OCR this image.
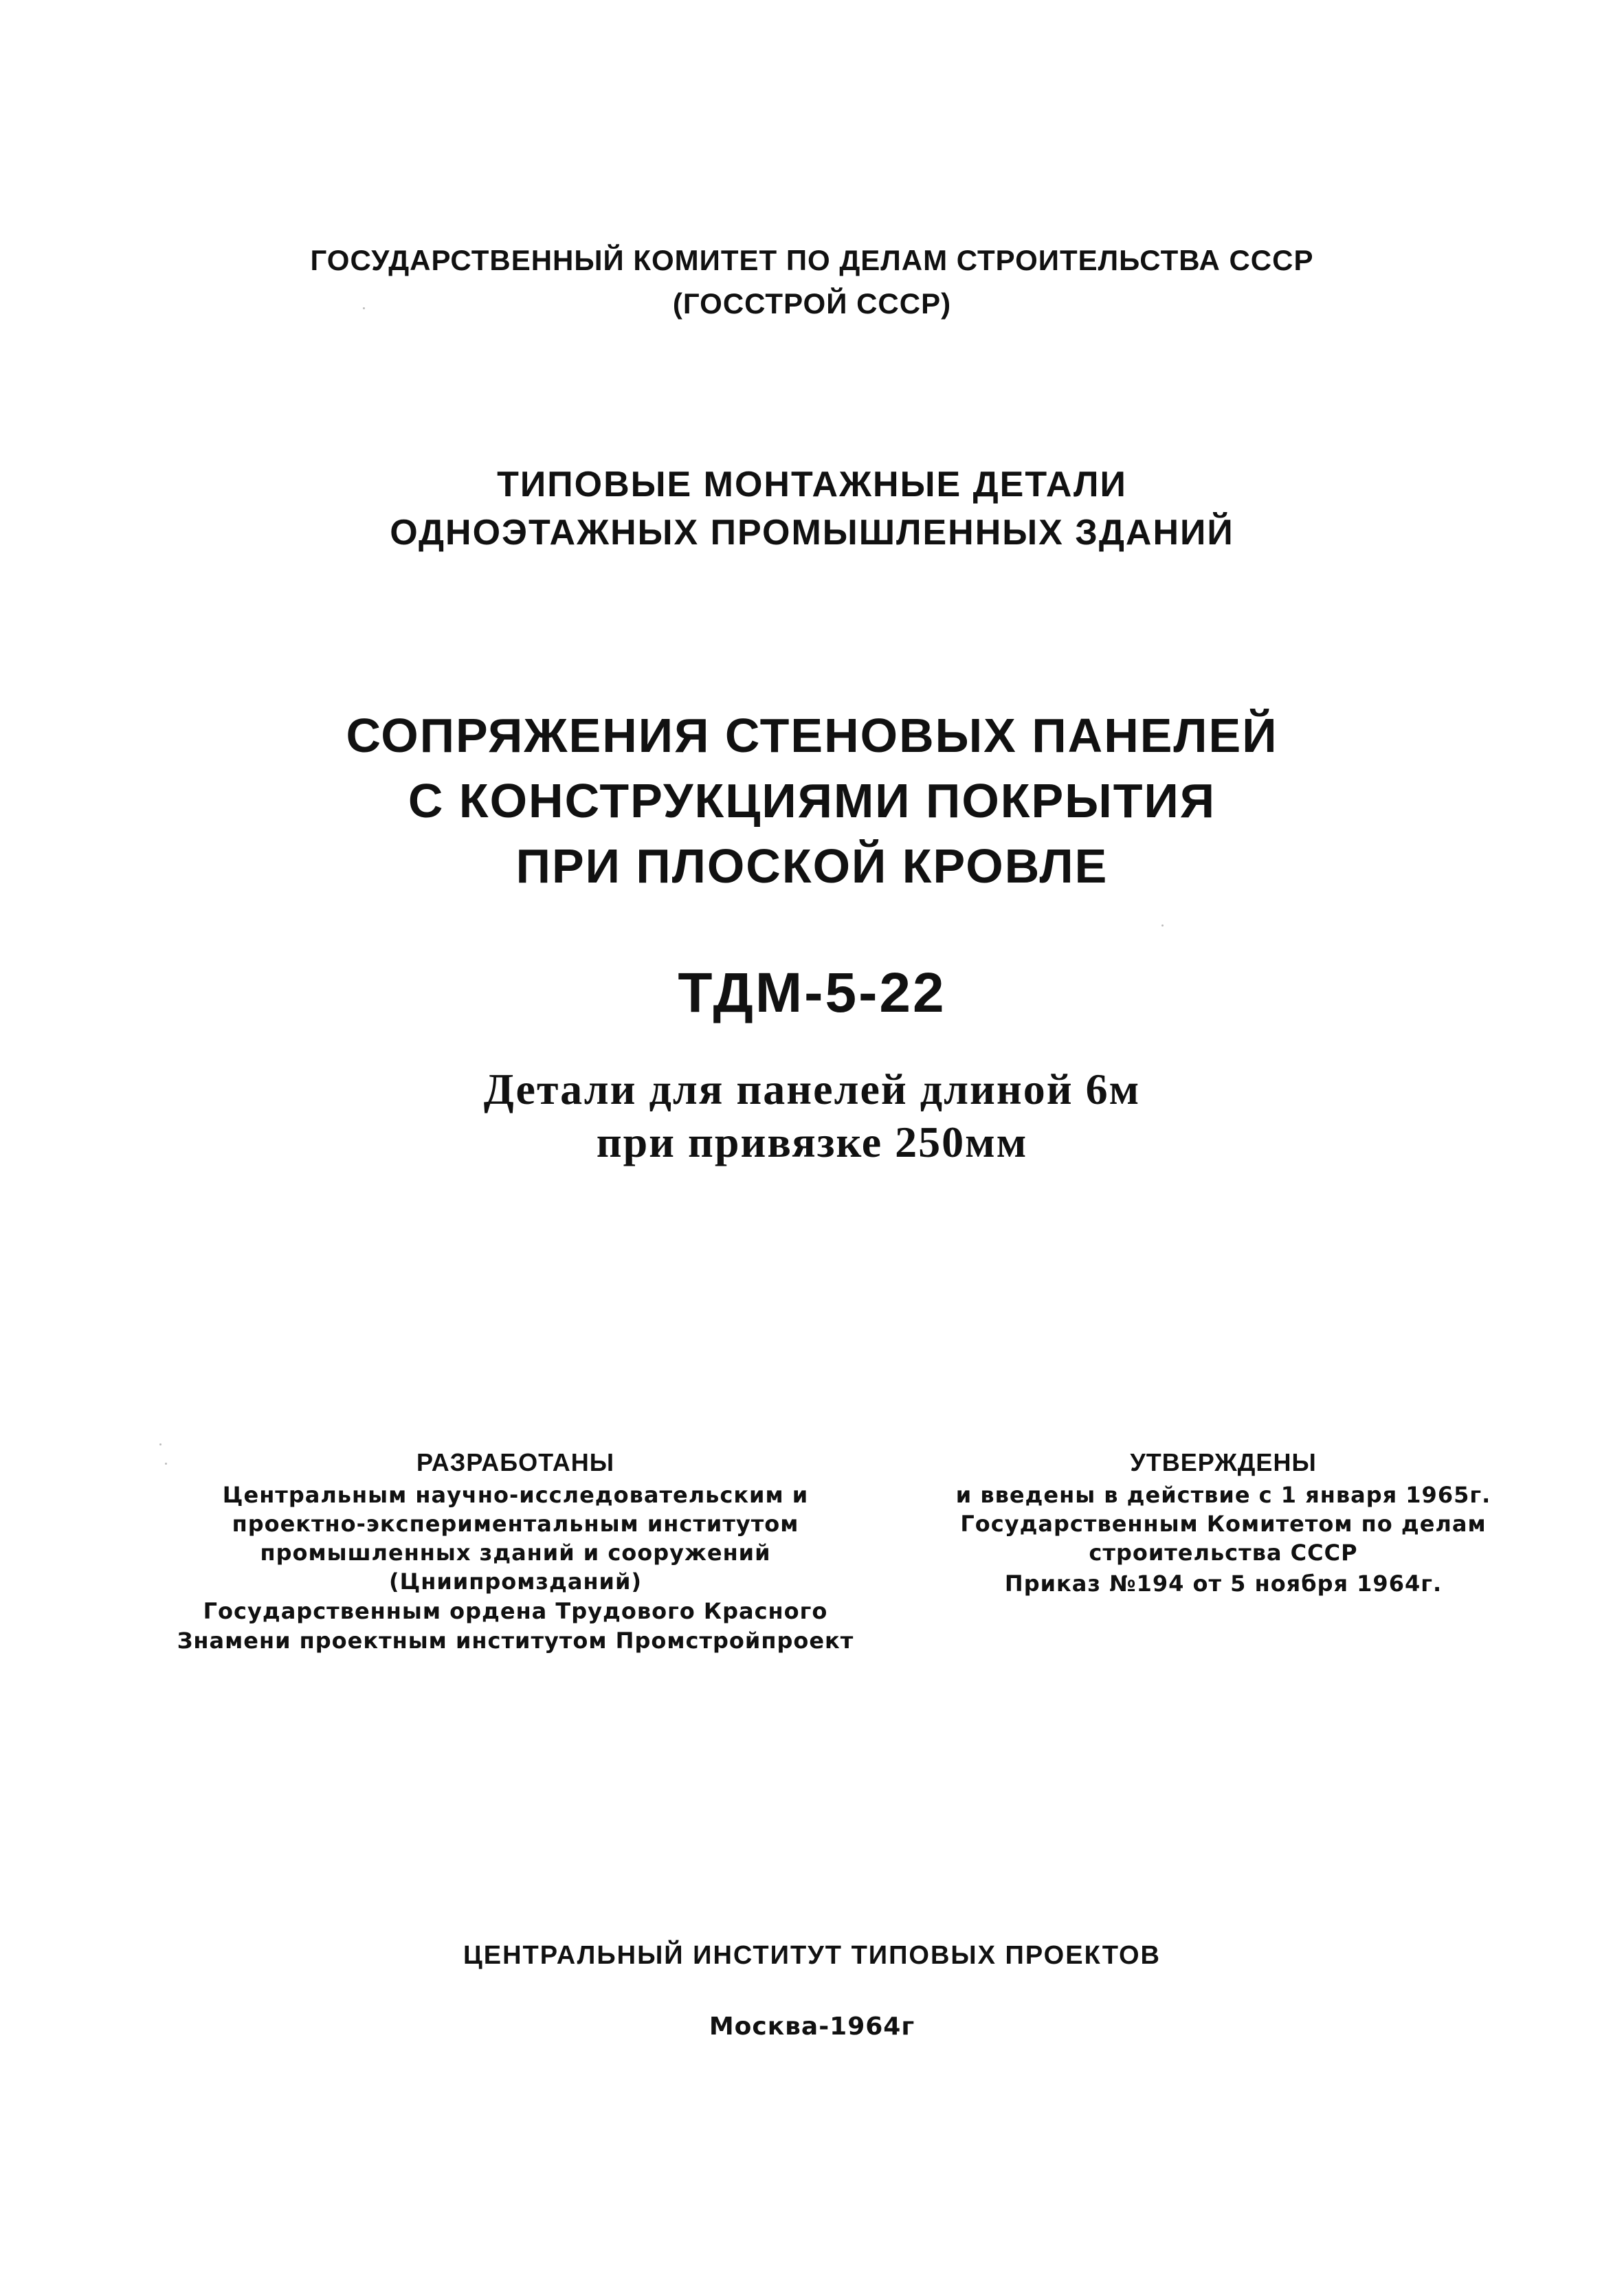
ГОСУДАРСТВЕННЫЙ КОМИТЕТ ПО ДЕЛАМ СТРОИТЕЛЬСТВА СССР
(ГОССТРОЙ СССР)
ТИПОВЫЕ МОНТАЖНЫЕ ДЕТАЛИ
ОДНОЭТАЖНЫХ ПРОМЫШЛЕННЫХ ЗДАНИЙ
СОПРЯЖЕНИЯ СТЕНОВЫХ ПАНЕЛЕЙ
С КОНСТРУКЦИЯМИ ПОКРЫТИЯ
ПРИ ПЛОСКОЙ КРОВЛЕ
ТДМ-5-22
Детали для панелей длиной 6м
при привязке 250мм
РАЗРАБОТАНЫ
Центральным научно-исследовательским и
проектно-экспериментальным институтом
промышленных зданий и сооружений
(Цниипромзданий)
Государственным ордена Трудового Красного
Знамени проектным институтом Промстройпроект
УТВЕРЖДЕНЫ
и введены в действие с 1 января 1965г.
Государственным Комитетом по делам
строительства СССР
Приказ №194 от 5 ноября 1964г.
ЦЕНТРАЛЬНЫЙ ИНСТИТУТ ТИПОВЫХ ПРОЕКТОВ
Москва-1964г
